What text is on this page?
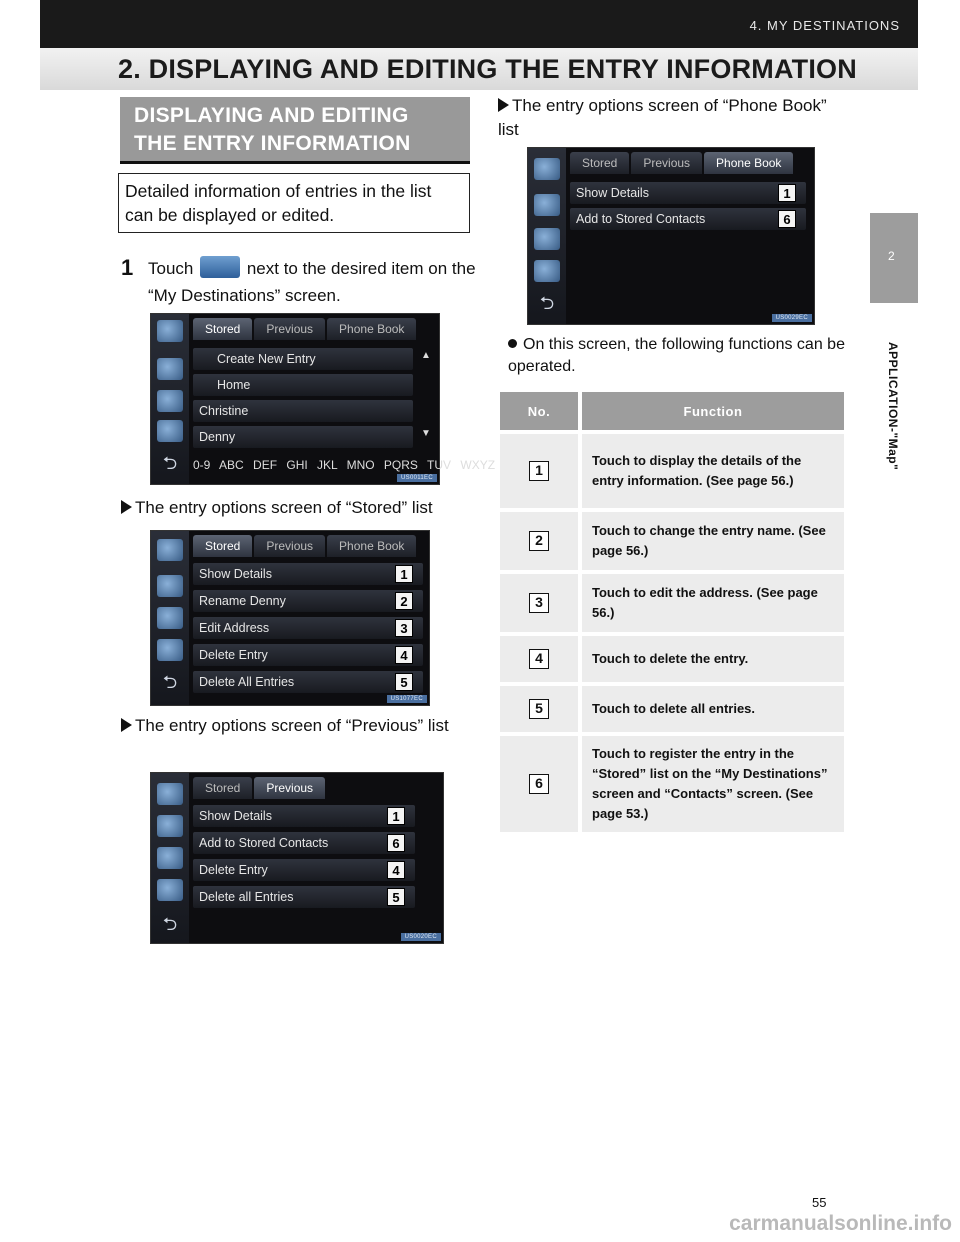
4. MY DESTINATIONS
2. DISPLAYING AND EDITING THE ENTRY INFORMATION
2
APPLICATION-"Map"
DISPLAYING AND EDITING
THE ENTRY INFORMATION
Detailed information of entries in the list can be displayed or edited.
1 Touch	next to the desired item on the “My Destinations” screen.
⮌
Stored Previous Phone Book
Create New Entry
Home
Christine
Denny
▲
▼
0-9 ABC DEF GHI JKL MNO PQRS TUV WXYZ
US0011EC
The entry options screen of “Stored” list
⮌
Stored Previous Phone Book
Show Details	1
Rename Denny	2
Edit Address	3
Delete Entry	4
Delete All Entries	5
US1077EC
The entry options screen of “Previous” list
⮌
Stored Previous
Show Details	1
Add to Stored Contacts	6
Delete Entry	4
Delete all Entries	5
US0020EC
The entry options screen of “Phone Book” list
⮌
Stored Previous Phone Book
Show Details	1
Add to Stored Contacts	6
US0029EC
On this screen, the following functions can be operated.
No.	Function
1	Touch to display the details of the entry information. (See page 56.)
2	Touch to change the entry name. (See page 56.)
3	Touch to edit the address. (See page 56.)
4	Touch to delete the entry.
5	Touch to delete all entries.
6	Touch to register the entry in the “Stored” list on the “My Destinations” screen and “Contacts” screen. (See page 53.)
55
carmanualsonline.info
